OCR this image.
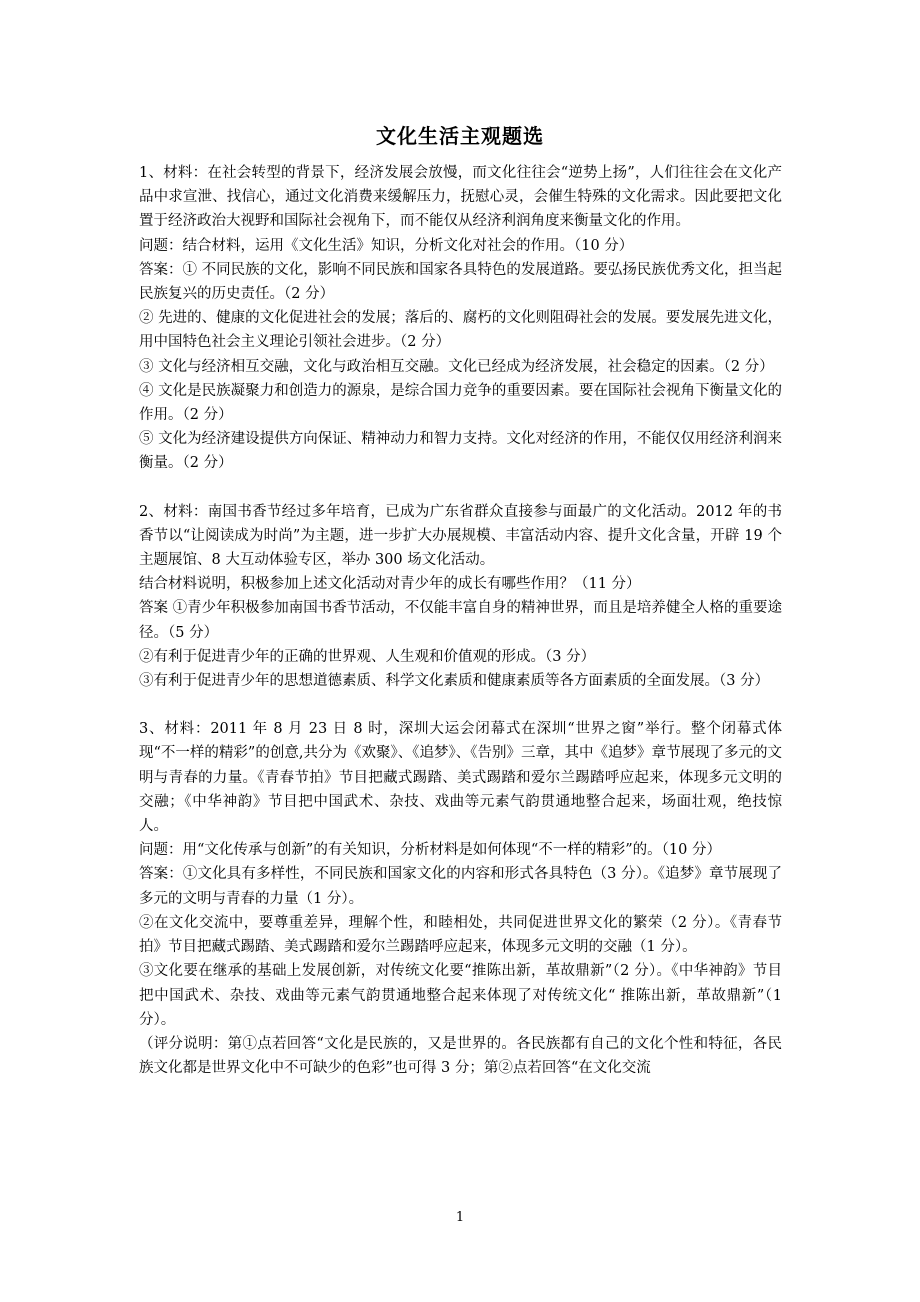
文化生活主观题选

1、材料：在社会转型的背景下，经济发展会放慢，而文化往往会“逆势上扬”，人们往往会在文化产品中求宣泄、找信心，通过文化消费来缓解压力，抚慰心灵，会催生特殊的文化需求。因此要把文化置于经济政治大视野和国际社会视角下，而不能仅从经济利润角度来衡量文化的作用。

问题：结合材料，运用《文化生活》知识，分析文化对社会的作用。（10 分）

答案：① 不同民族的文化，影响不同民族和国家各具特色的发展道路。要弘扬民族优秀文化，担当起民族复兴的历史责任。（2 分）

② 先进的、健康的文化促进社会的发展；落后的、腐朽的文化则阻碍社会的发展。要发展先进文化，用中国特色社会主义理论引领社会进步。（2 分）

③ 文化与经济相互交融，文化与政治相互交融。文化已经成为经济发展，社会稳定的因素。（2 分）

④ 文化是民族凝聚力和创造力的源泉，是综合国力竞争的重要因素。要在国际社会视角下衡量文化的作用。（2 分）

⑤ 文化为经济建设提供方向保证、精神动力和智力支持。文化对经济的作用，不能仅仅用经济利润来衡量。（2 分）

2、材料：南国书香节经过多年培育，已成为广东省群众直接参与面最广的文化活动。2012 年的书香节以“让阅读成为时尚”为主题，进一步扩大办展规模、丰富活动内容、提升文化含量，开辟 19 个主题展馆、8 大互动体验专区，举办 300 场文化活动。

结合材料说明，积极参加上述文化活动对青少年的成长有哪些作用？（11 分）

答案 ①青少年积极参加南国书香节活动，不仅能丰富自身的精神世界，而且是培养健全人格的重要途径。（5 分）

②有利于促进青少年的正确的世界观、人生观和价值观的形成。（3 分）

③有利于促进青少年的思想道德素质、科学文化素质和健康素质等各方面素质的全面发展。（3 分）

3、材料：2011 年 8 月 23 日 8 时，深圳大运会闭幕式在深圳“世界之窗”举行。整个闭幕式体现“不一样的精彩”的创意,共分为《欢聚》、《追梦》、《告别》三章，其中《追梦》章节展现了多元的文明与青春的力量。《青春节拍》节目把藏式踢踏、美式踢踏和爱尔兰踢踏呼应起来，体现多元文明的交融；《中华神韵》节目把中国武术、杂技、戏曲等元素气韵贯通地整合起来，场面壮观，绝技惊人。

问题：用“文化传承与创新”的有关知识，分析材料是如何体现“不一样的精彩”的。（10 分）

答案：①文化具有多样性，不同民族和国家文化的内容和形式各具特色（3 分）。《追梦》章节展现了多元的文明与青春的力量（1 分）。

②在文化交流中，要尊重差异，理解个性，和睦相处，共同促进世界文化的繁荣（2 分）。《青春节拍》节目把藏式踢踏、美式踢踏和爱尔兰踢踏呼应起来，体现多元文明的交融（1 分）。

③文化要在继承的基础上发展创新，对传统文化要“推陈出新，革故鼎新”（2 分）。《中华神韵》节目把中国武术、杂技、戏曲等元素气韵贯通地整合起来体现了对传统文化“ 推陈出新，革故鼎新”（1 分）。

（评分说明：第①点若回答“文化是民族的，又是世界的。各民族都有自己的文化个性和特征，各民族文化都是世界文化中不可缺少的色彩”也可得 3 分；第②点若回答“在文化交流

1
